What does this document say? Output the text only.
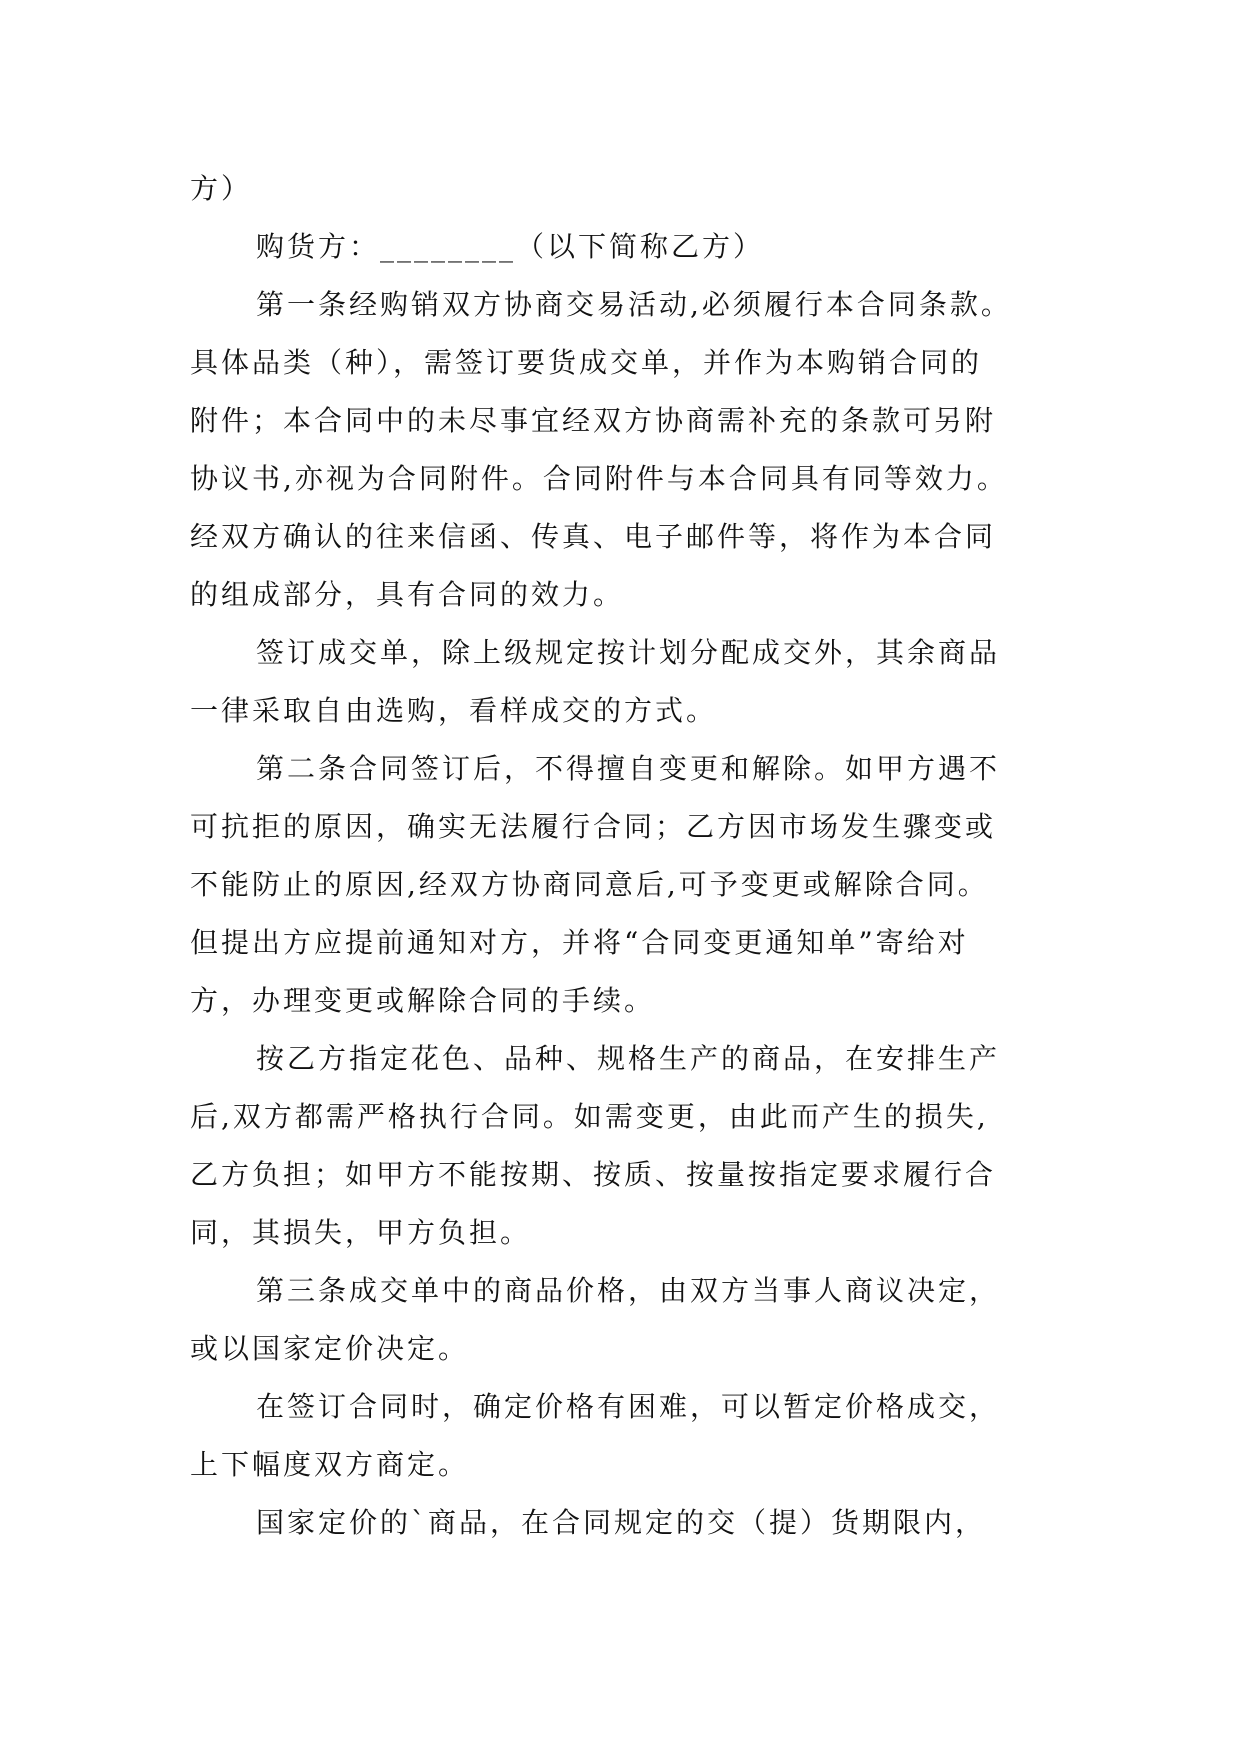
方）
购货方：________（以下简称乙方）
第一条经购销双方协商交易活动,必须履行本合同条款。
具体品类（种），需签订要货成交单，并作为本购销合同的
附件；本合同中的未尽事宜经双方协商需补充的条款可另附
协议书,亦视为合同附件。合同附件与本合同具有同等效力。
经双方确认的往来信函、传真、电子邮件等，将作为本合同
的组成部分，具有合同的效力。
签订成交单，除上级规定按计划分配成交外，其余商品
一律采取自由选购，看样成交的方式。
第二条合同签订后，不得擅自变更和解除。如甲方遇不
可抗拒的原因，确实无法履行合同；乙方因市场发生骤变或
不能防止的原因,经双方协商同意后,可予变更或解除合同。
但提出方应提前通知对方，并将“合同变更通知单”寄给对
方，办理变更或解除合同的手续。
按乙方指定花色、品种、规格生产的商品，在安排生产
后,双方都需严格执行合同。如需变更，由此而产生的损失,
乙方负担；如甲方不能按期、按质、按量按指定要求履行合
同，其损失，甲方负担。
第三条成交单中的商品价格，由双方当事人商议决定，
或以国家定价决定。
在签订合同时，确定价格有困难，可以暂定价格成交，
上下幅度双方商定。
国家定价的`商品，在合同规定的交（提）货期限内，
